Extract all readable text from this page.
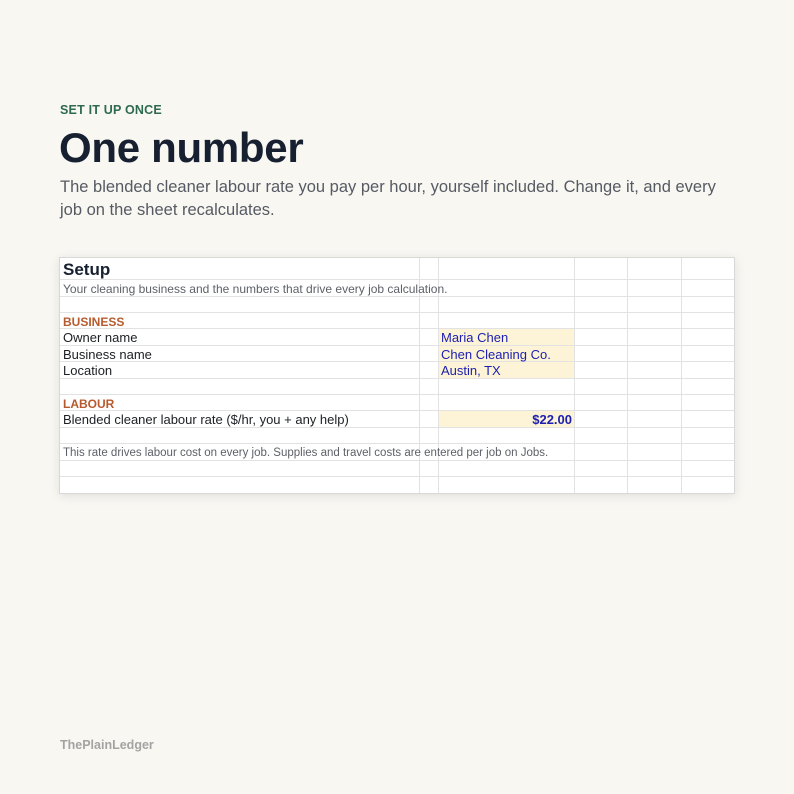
SET IT UP ONCE
One number

The blended cleaner labour rate you pay per hour, yourself included. Change it, and every job on the sheet recalculates.

Setup
Your cleaning business and the numbers that drive every job calculation.
BUSINESS
Owner name	Maria Chen
Business name	Chen Cleaning Co.
Location	Austin, TX
LABOUR
Blended cleaner labour rate ($/hr, you + any help)	$22.00
This rate drives labour cost on every job. Supplies and travel costs are entered per job on Jobs.
ThePlainLedger
